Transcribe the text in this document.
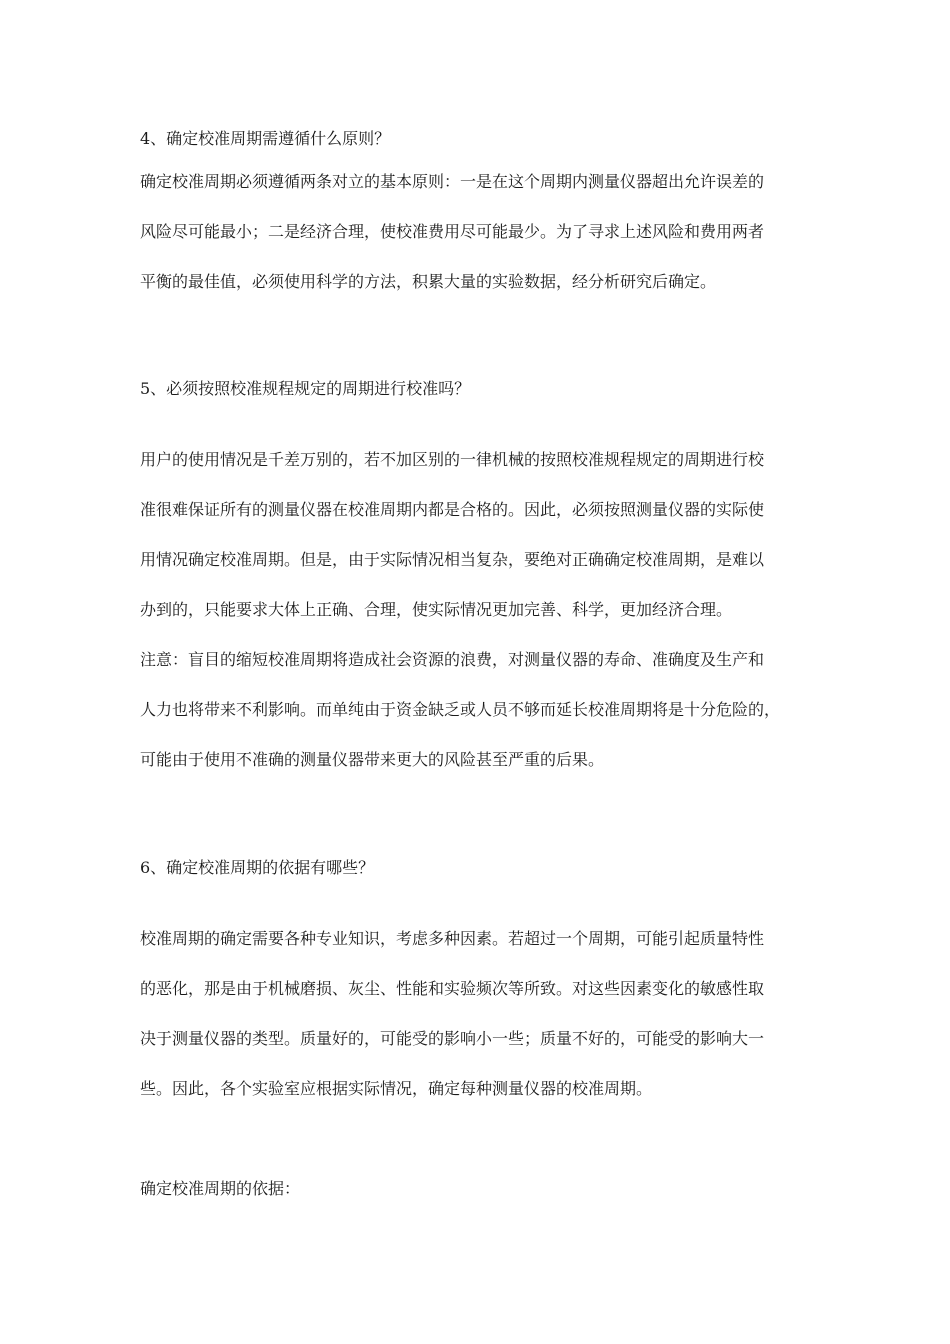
4、确定校准周期需遵循什么原则？
确定校准周期必须遵循两条对立的基本原则：一是在这个周期内测量仪器超出允许误差的
风险尽可能最小；二是经济合理，使校准费用尽可能最少。为了寻求上述风险和费用两者
平衡的最佳值，必须使用科学的方法，积累大量的实验数据，经分析研究后确定。
5、必须按照校准规程规定的周期进行校准吗？
用户的使用情况是千差万别的，若不加区别的一律机械的按照校准规程规定的周期进行校
准很难保证所有的测量仪器在校准周期内都是合格的。因此，必须按照测量仪器的实际使
用情况确定校准周期。但是，由于实际情况相当复杂，要绝对正确确定校准周期，是难以
办到的，只能要求大体上正确、合理，使实际情况更加完善、科学，更加经济合理。
注意：盲目的缩短校准周期将造成社会资源的浪费，对测量仪器的寿命、准确度及生产和
人力也将带来不利影响。而单纯由于资金缺乏或人员不够而延长校准周期将是十分危险的，
可能由于使用不准确的测量仪器带来更大的风险甚至严重的后果。
6、确定校准周期的依据有哪些？
校准周期的确定需要各种专业知识，考虑多种因素。若超过一个周期，可能引起质量特性
的恶化，那是由于机械磨损、灰尘、性能和实验频次等所致。对这些因素变化的敏感性取
决于测量仪器的类型。质量好的，可能受的影响小一些；质量不好的，可能受的影响大一
些。因此，各个实验室应根据实际情况，确定每种测量仪器的校准周期。
确定校准周期的依据：
